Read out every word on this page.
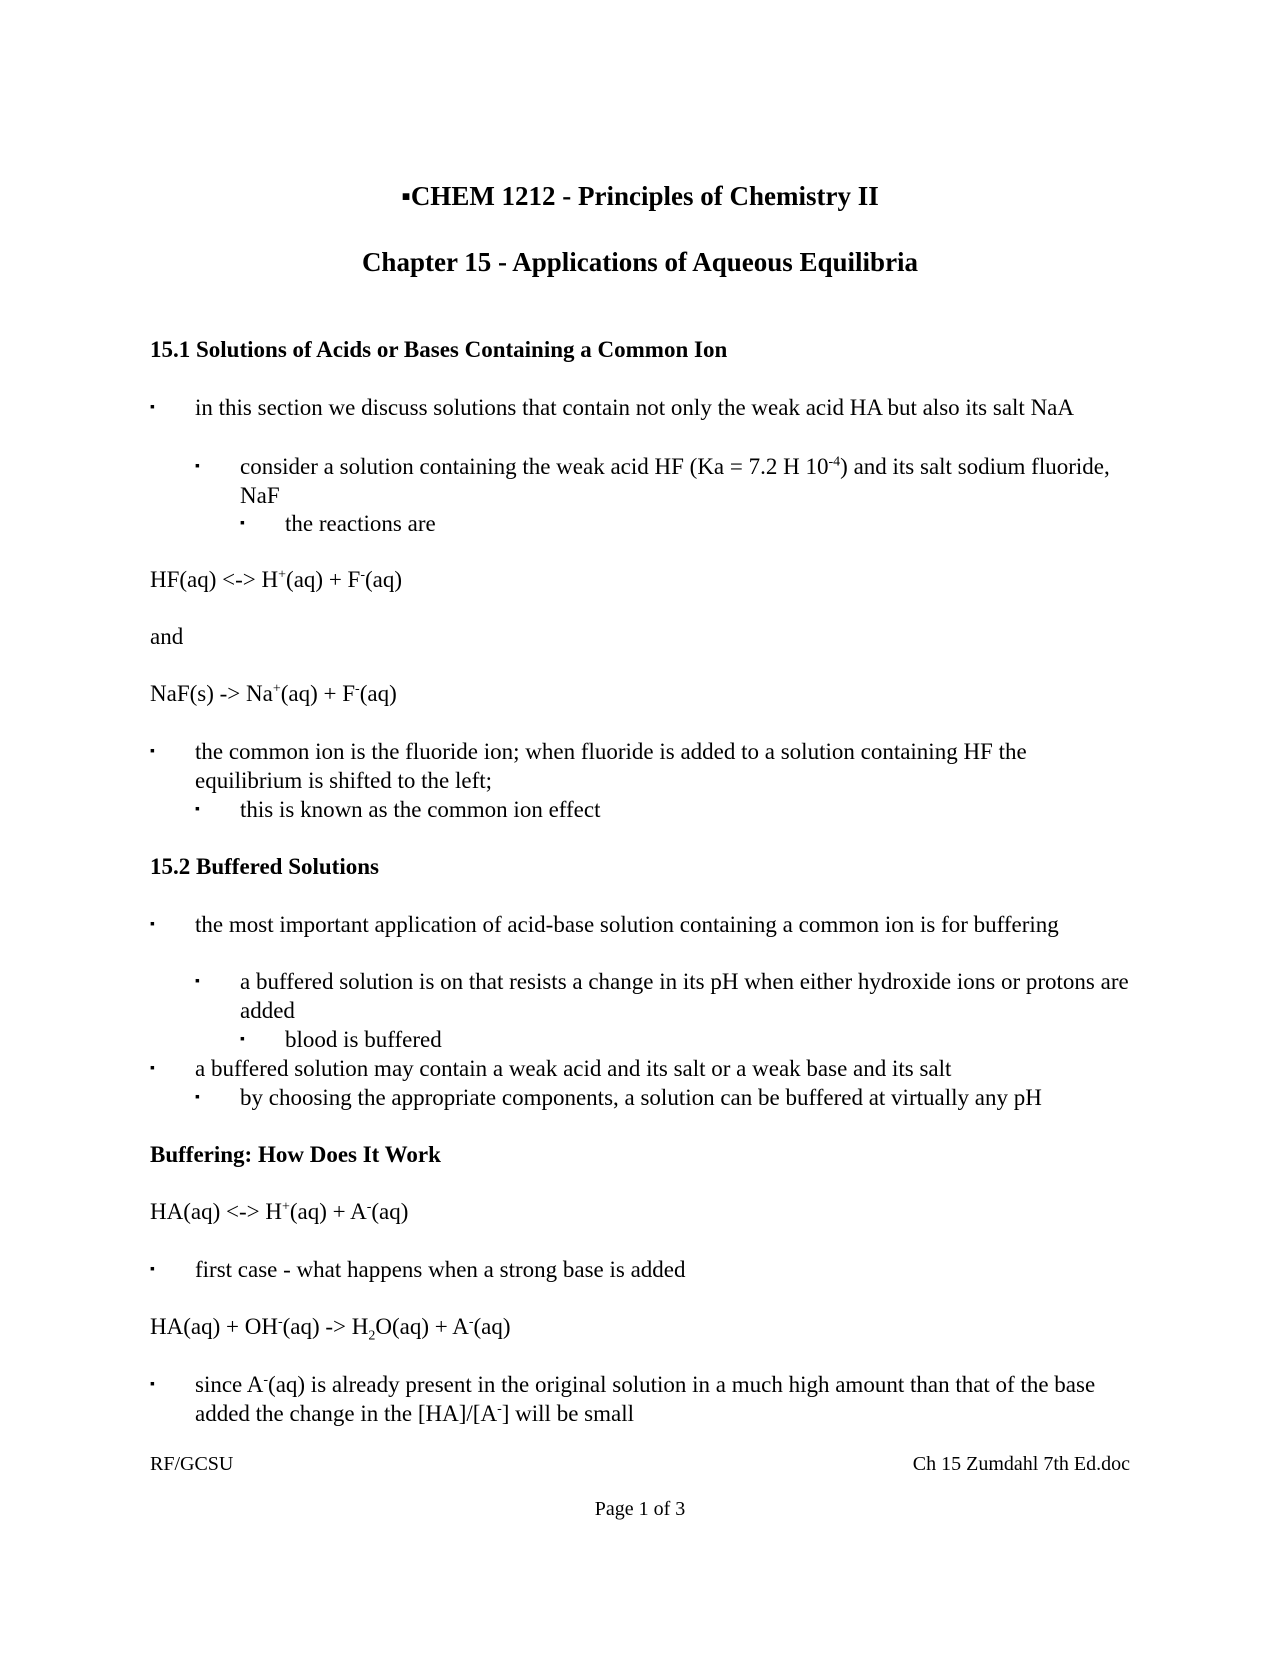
▪CHEM 1212 - Principles of Chemistry II
Chapter 15 - Applications of Aqueous Equilibria
15.1 Solutions of Acids or Bases Containing a Common Ion
▪ in this section we discuss solutions that contain not only the weak acid HA but also its salt NaA
▪ consider a solution containing the weak acid HF (Ka = 7.2 H $10^{-4}$) and its salt sodium fluoride, NaF
▪ the reactions are
HF(aq) <-> H+(aq) + F-(aq)
and
NaF(s) -> Na+(aq) + F-(aq)
▪ the common ion is the fluoride ion; when fluoride is added to a solution containing HF the equilibrium is shifted to the left;
▪ this is known as the common ion effect
15.2 Buffered Solutions
▪ the most important application of acid-base solution containing a common ion is for buffering
▪ a buffered solution is on that resists a change in its pH when either hydroxide ions or protons are added
▪ blood is buffered
▪ a buffered solution may contain a weak acid and its salt or a weak base and its salt
▪ by choosing the appropriate components, a solution can be buffered at virtually any pH
Buffering: How Does It Work
HA(aq) <-> H+(aq) + A-(aq)
▪ first case - what happens when a strong base is added
$HA(aq) + OH^-(aq) -> H_2O(aq) + A^-(aq)$
▪ since A-(aq) is already present in the original solution in a much high amount than that of the base added the change in the [HA]/[A-] will be small
RF/GCSU	Ch 15 Zumdahl 7th Ed.doc
Page 1 of 3
